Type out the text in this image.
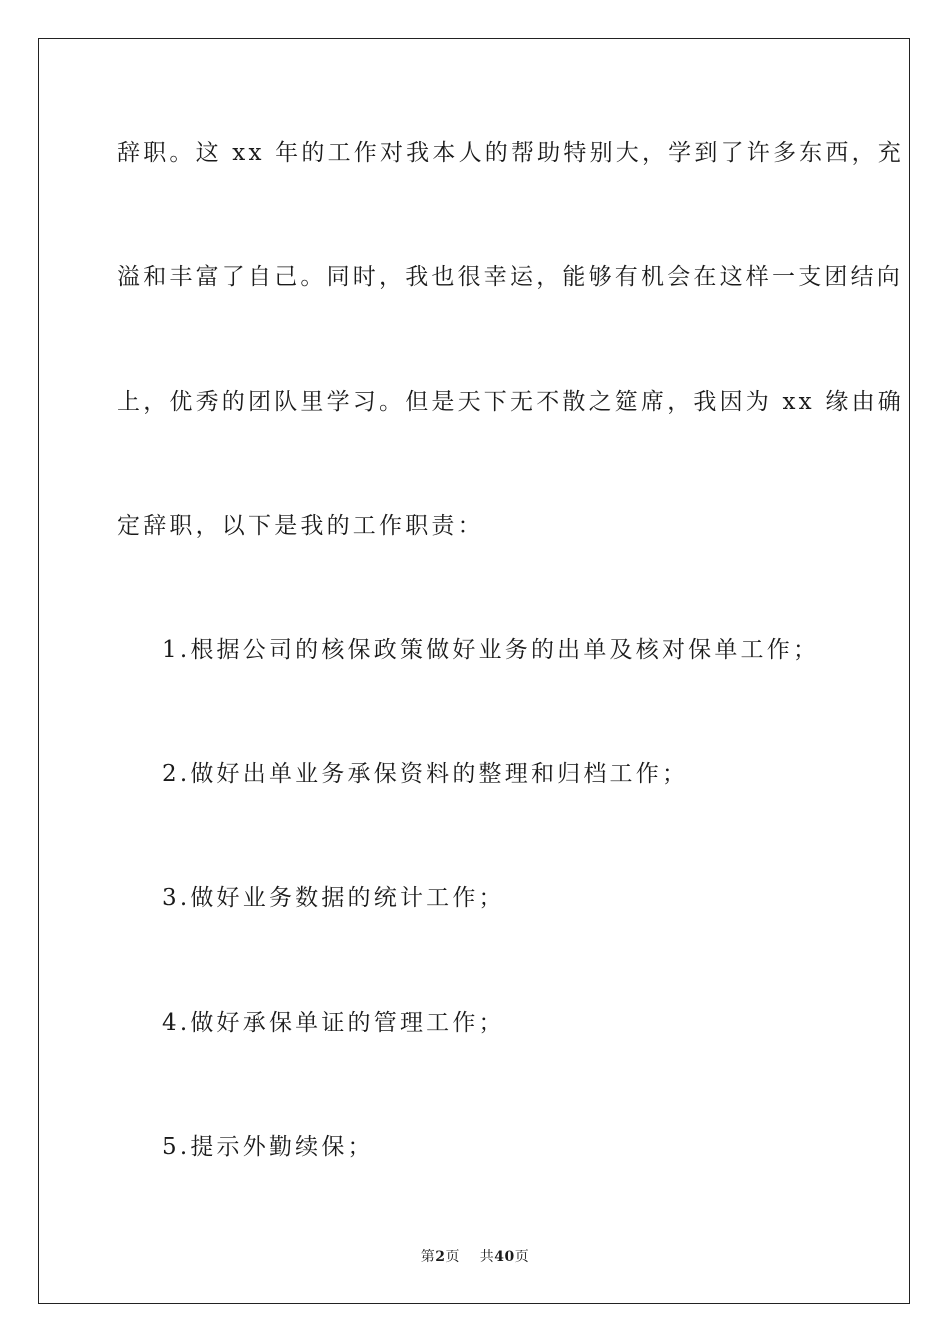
辞职。这 xx 年的工作对我本人的帮助特别大，学到了许多东西，充
溢和丰富了自己。同时，我也很幸运，能够有机会在这样一支团结向
上，优秀的团队里学习。但是天下无不散之筵席，我因为 xx 缘由确
定辞职，以下是我的工作职责：
1.根据公司的核保政策做好业务的出单及核对保单工作；
2.做好出单业务承保资料的整理和归档工作；
3.做好业务数据的统计工作；
4.做好承保单证的管理工作；
5.提示外勤续保；
第2页 共40页
